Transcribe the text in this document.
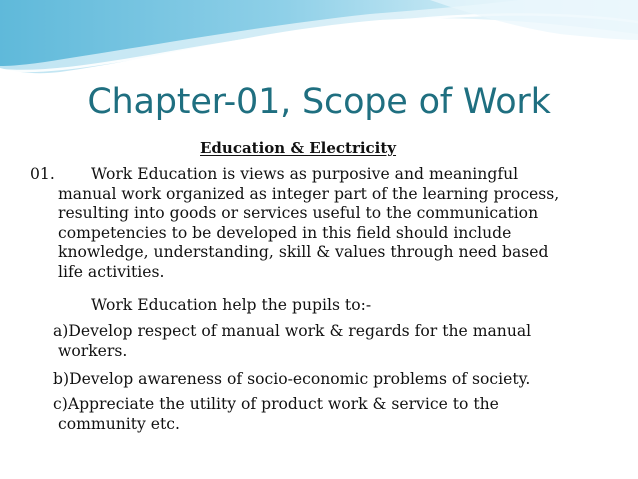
Chapter-01, Scope of Work
Education & Electricity
01. Work Education is views as purposive and meaningful
manual work organized as integer part of the learning process,
resulting into goods or services useful to the communication
competencies to be developed in this field should include
knowledge, understanding, skill & values through need based
life activities.
Work Education help the pupils to:-
a)Develop respect of manual work & regards for the manual
workers.
b)Develop awareness of socio-economic problems of society.
c)Appreciate the utility of product work & service to the
community etc.
